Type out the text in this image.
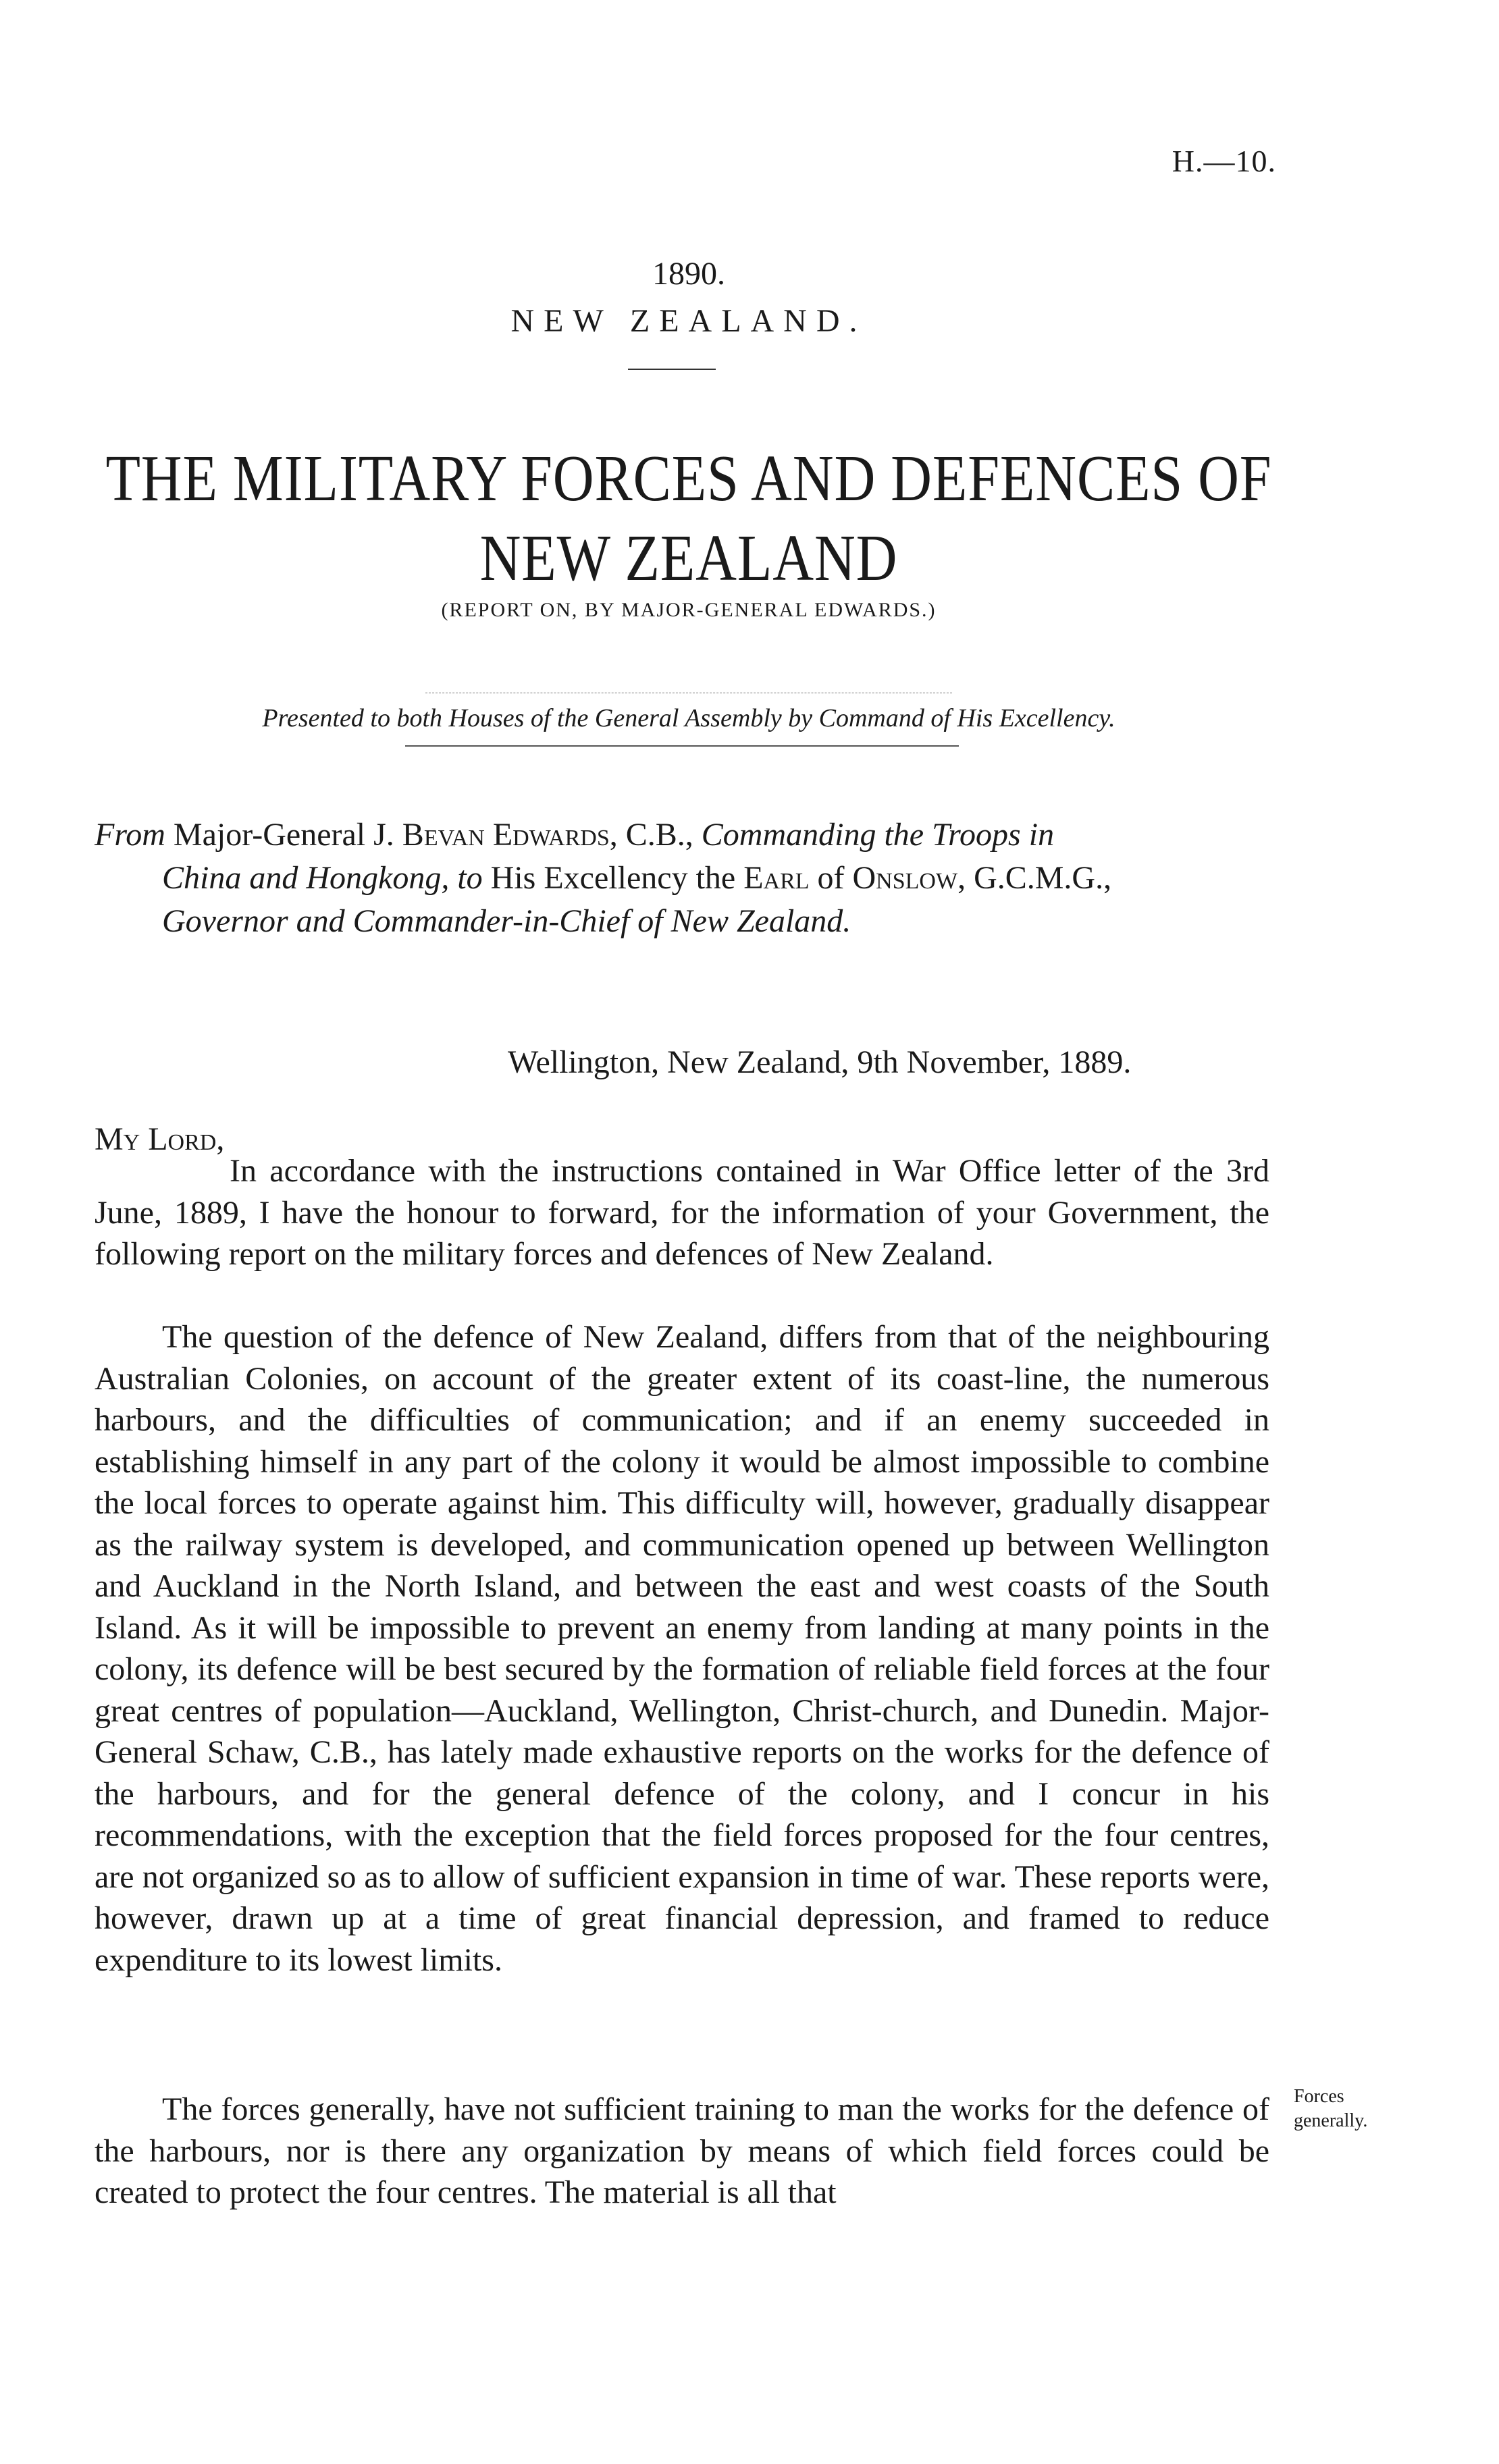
H.—10.
1890.
NEW ZEALAND.
THE MILITARY FORCES AND DEFENCES OF
NEW ZEALAND
(REPORT ON, BY MAJOR-GENERAL EDWARDS.)
Presented to both Houses of the General Assembly by Command of His Excellency.
From Major-General J. Bevan Edwards, C.B., Commanding the Troops in
China and Hongkong, to His Excellency the Earl of Onslow, G.C.M.G.,
Governor and Commander-in-Chief of New Zealand.
Wellington, New Zealand, 9th November, 1889.
My Lord,

In accordance with the instructions contained in War Office letter of the 3rd June, 1889, I have the honour to forward, for the information of your Government, the following report on the military forces and defences of New Zealand.

The question of the defence of New Zealand, differs from that of the neighbouring Australian Colonies, on account of the greater extent of its coast-line, the numerous harbours, and the difficulties of communication; and if an enemy succeeded in establishing himself in any part of the colony it would be almost impossible to combine the local forces to operate against him. This difficulty will, however, gradually disappear as the railway system is developed, and communication opened up between Wellington and Auckland in the North Island, and between the east and west coasts of the South Island. As it will be impossible to prevent an enemy from landing at many points in the colony, its defence will be best secured by the formation of reliable field forces at the four great centres of population—Auckland, Wellington, Christ-church, and Dunedin. Major-General Schaw, C.B., has lately made exhaustive reports on the works for the defence of the harbours, and for the general defence of the colony, and I concur in his recommendations, with the exception that the field forces proposed for the four centres, are not organized so as to allow of sufficient expansion in time of war. These reports were, however, drawn up at a time of great financial depression, and framed to reduce expenditure to its lowest limits.

The forces generally, have not sufficient training to man the works for the defence of the harbours, nor is there any organization by means of which field forces could be created to protect the four centres. The material is all that

Forces
generally.
